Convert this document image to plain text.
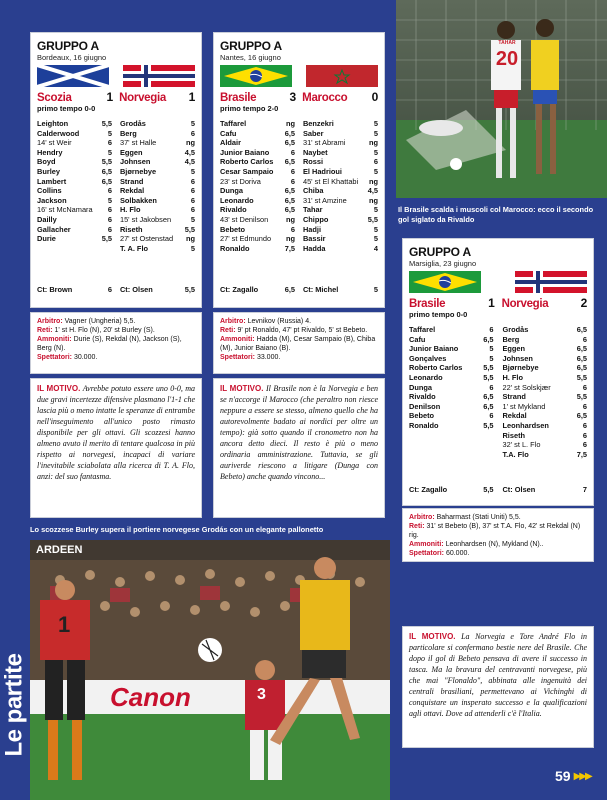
GRUPPO A
Bordeaux, 16 giugno
Scozia	1 Norvegia 1
primo tempo 0-0
Leighton	5,5
Calderwood	5
14' st Weir	6
Hendry	5
Boyd	5,5
Burley	6,5
Lambert	6,5
Collins	6
Jackson	5
16' st McNamara 6
Dailly	6
Gallacher	6
Durie	5,5
Grodås	5
Berg	6
37' st Halle	ng
Eggen	4,5
Johnsen	4,5
Bjørnebye	5
Strand	6
Rekdal	6
Solbakken	6
H. Flo	6
15' st Jakobsen	5
Riseth	5,5
27' st Ostenstad ng
T. A. Flo	5
Ct: Brown	6 Ct: Olsen	5,5
Arbitro: Vagner (Ungheria) 5,5.
Reti: 1' st H. Flo (N), 20' st Burley (S).
Ammoniti: Durie (S), Rekdal (N), Jackson (S), Berg (N).
Spettatori: 30.000.
IL MOTIVO. Avrebbe potuto essere uno 0-0, ma due gravi incertezze difensive plasmano l'1-1 che lascia più o meno intatte le speranze di entrambe nell'inseguimento all'unico posto rimasto disponibile per gli ottavi. Gli scozzesi hanno almeno avuto il merito di tentare qualcosa in più rispetto ai norvegesi, incapaci di variare l'inevitabile sciabolata alla ricerca di T. A. Flo, anzi: del suo fantasma.
GRUPPO A
Nantes, 16 giugno
Brasile	3 Marocco 0
primo tempo 2-0
Taffarel	ng
Cafu	6,5
Aldair	6,5
Junior Baiano	6
Roberto Carlos 6,5
Cesar Sampaio 6
23' st Doriva	6
Dunga	6,5
Leonardo	6,5
Rivaldo	6,5
43' st Denilson ng
Bebeto	6
27' st Edmundo ng
Ronaldo	7,5
Benzekri	5
Saber	5
31' st Abrami	ng
Naybet	5
Rossi	6
El Hadrioui	5
45' st El Khattabi ng
Chiba	4,5
31' st Amzine	ng
Tahar	5
Chippo	5,5
Hadji	5
Bassir	5
Hadda	4
Ct: Zagallo	6,5 Ct: Michel	5
Arbitro: Levnikov (Russia) 4.
Reti: 9' pt Ronaldo, 47' pt Rivaldo, 5' st Bebeto.
Ammoniti: Hadda (M), Cesar Sampaio (B), Chiba (M), Junior Baiano (B).
Spettatori: 33.000.
IL MOTIVO. Il Brasile non è la Norvegia e ben se n'accorge il Marocco (che peraltro non riesce neppure a essere se stesso, almeno quello che ha autorevolmente badato ai nordici per oltre un tempo): già sotto quando il cronometro non ha ancora detto dieci. Il resto è più o meno ordinaria amministrazione. Tuttavia, se gli auriverde riescono a litigare (Dunga con Bebeto) anche quando vincono...
TAHAR
20
Il Brasile scalda i muscoli col Marocco: ecco il secondo gol siglato da Rivaldo
GRUPPO A
Marsiglia, 23 giugno
Brasile	1 Norvegia	2
primo tempo 0-0
Taffarel	6
Cafu	6,5
Junior Baiano	5
Gonçalves	5
Roberto Carlos	5,5
Leonardo	5,5
Dunga	6
Rivaldo	6,5
Denilson	6,5
Bebeto	6
Ronaldo	5,5
Grodås	6,5
Berg	6
Eggen	6,5
Johnsen	6,5
Bjørnebye	6,5
H. Flo	5,5
22' st Solskjær	6
Strand	5,5
1' st Mykland	6
Rekdal	6,5
Leonhardsen	6
Riseth	6
32' st L. Flo	6
T.A. Flo	7,5
Ct: Zagallo	5,5 Ct: Olsen	7
Arbitro: Baharmast (Stati Uniti) 5,5.
Reti: 31' st Bebeto (B), 37' st T.A. Flo, 42' st Rekdal (N) rig.
Ammoniti: Leonhardsen (N), Mykland (N)..
Spettatori: 60.000.
IL MOTIVO. La Norvegia e Tore André Flo in particolare si confermano bestie nere del Brasile. Che dopo il gol di Bebeto pensava di avere il successo in tasca. Ma la bravura del centravanti norvegese, più che mai "Flonaldo", abbinata alle ingenuità dei centrali brasiliani, permettevano ai Vichinghi di conquistare un insperato successo e la qualificazioni agli ottavi. Dove ad attenderli c'è l'Italia.
Lo scozzese Burley supera il portiere norvegese Grodás con un elegante pallonetto
ARDEEN
Canon
1
3
Le partite
59 ▶▶▶
